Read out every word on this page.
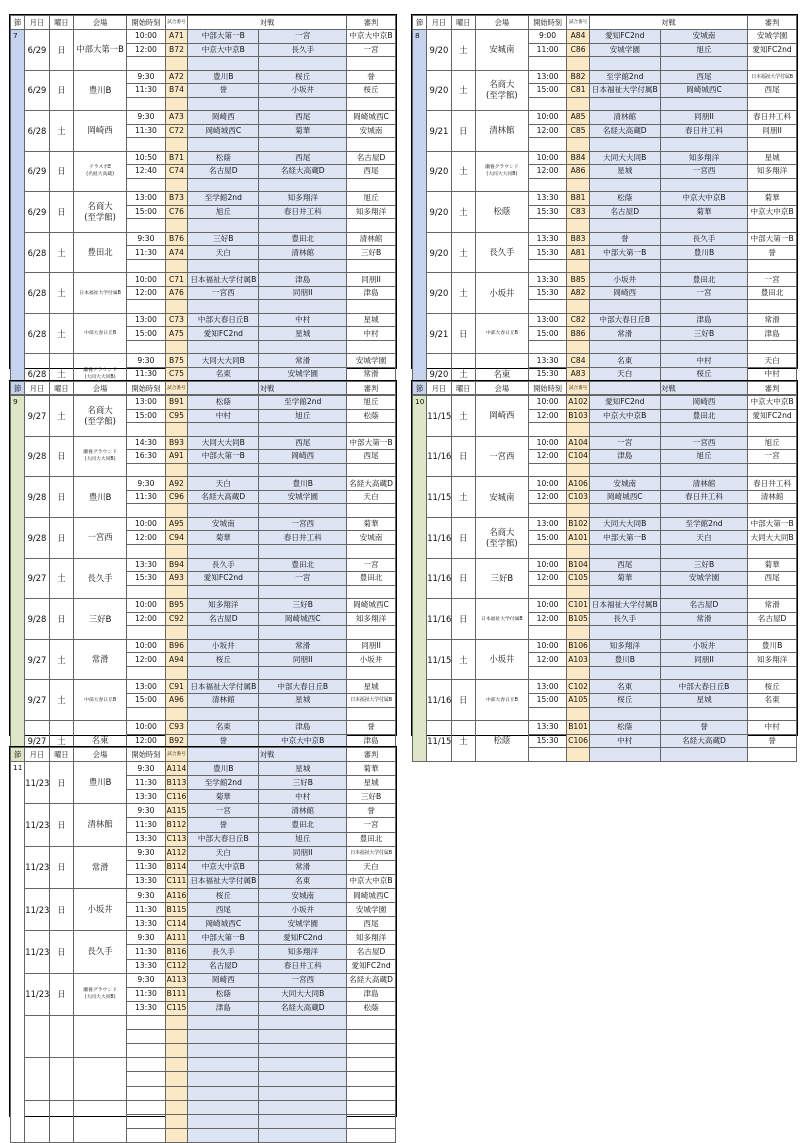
節	月日	曜日	会場	開始時刻	試合番号	対戦		審判
7	6/29	日	中部大第一B	10:00	A71	中部大第一B	一宮	中京大中京B
				12:00	B72	中京大中京B	長久手	一宮

	6/29	日	豊川B	9:30	A72	豊川B	桜丘	誉
				11:30	B74	誉	小坂井	桜丘

	6/28	土	岡崎西	9:30	A73	岡崎西	西尾	岡崎城西C
				11:30	C72	岡崎城西C	菊華	安城南

	6/29	日	テラスポE
(名経大高蔵)	10:50	B71	松蔭	西尾	名古屋D
				12:40	C74	名古屋D	名経大高蔵D	西尾

	6/29	日	名商大
(至学館)	13:00	B73	至学館2nd	知多翔洋	旭丘
				15:00	C76	旭丘	春日井工科	知多翔洋

	6/28	土	豊田北	9:30	B76	三好B	豊田北	清林館
				11:30	A74	天白	清林館	三好B

	6/28	土	日本福祉大学付属B	10:00	C71	日本福祉大学付属B	津島	同朋II
				12:00	A76	一宮西	同朋II	津島

	6/28	土	中部大春日丘B	13:00	C73	中部大春日丘B	中村	星城
				15:00	A75	愛知FC2nd	星城	中村

	6/28	土	瀬養グラウンド
(大同大大同B)	9:30	B75	大同大大同B	常滑	安城学園
				11:30	C75	名東	安城学園	常滑

節	月日	曜日	会場	開始時刻	試合番号	対戦		審判
8	9/20	土	安城南	9:00	A84	愛知FC2nd	安城南	安城学園
				11:00	C86	安城学園	旭丘	愛知FC2nd

	9/20	土	名商大
(至学館)	13:00	B82	至学館2nd	西尾	日本福祉大学付属B
				15:00	C81	日本福祉大学付属B	岡崎城西C	西尾

	9/21	日	清林館	10:00	A85	清林館	同朋II	春日井工科
				12:00	C85	名経大高蔵D	春日井工科	同朋II

	9/20	土	瀬養グラウンド
(大同大大同B)	10:00	B84	大同大大同B	知多翔洋	星城
				12:00	A86	星城	一宮西	知多翔洋

	9/20	土	松蔭	13:30	B81	松蔭	中京大中京B	菊華
				15:30	C83	名古屋D	菊華	中京大中京B

	9/20	土	長久手	13:30	B83	誉	長久手	中部大第一B
				15:30	A81	中部大第一B	豊川B	誉

	9/20	土	小坂井	13:30	B85	小坂井	豊田北	一宮
				15:30	A82	岡崎西	一宮	豊田北

	9/21	日	中部大春日丘B	13:00	C82	中部大春日丘B	津島	常滑
				15:00	B86	常滑	三好B	津島

	9/20	土	名東	13:30	C84	名東	中村	天白
				15:30	A83	天白	桜丘	中村

節	月日	曜日	会場	開始時刻	試合番号	対戦		審判
9	9/27	土	名商大
(至学館)	13:00	B91	松蔭	至学館2nd	旭丘
				15:00	C95	中村	旭丘	松蔭

	9/28	日	瀬養グラウンド
(大同大大同B)	14:30	B93	大同大大同B	西尾	中部大第一B
				16:30	A91	中部大第一B	岡崎西	西尾

	9/28	日	豊川B	9:30	A92	天白	豊川B	名経大高蔵D
				11:30	C96	名経大高蔵D	安城学園	天白

	9/28	日	一宮西	10:00	A95	安城南	一宮西	菊華
				12:00	C94	菊華	春日井工科	安城南

	9/27	土	長久手	13:30	B94	長久手	豊田北	一宮
				15:30	A93	愛知FC2nd	一宮	豊田北

	9/28	日	三好B	10:00	B95	知多翔洋	三好B	岡崎城西C
				12:00	C92	名古屋D	岡崎城西C	知多翔洋

	9/27	土	常滑	10:00	B96	小坂井	常滑	同朋II
				12:00	A94	桜丘	同朋II	小坂井

	9/27	土	中部大春日丘B	13:00	C91	日本福祉大学付属B	中部大春日丘B	星城
				15:00	A96	清林館	星城	日本福祉大学付属B

	9/27	土	名東	10:00	C93	名東	津島	誉
				12:00	B92	誉	中京大中京B	津島

節	月日	曜日	会場	開始時刻	試合番号	対戦		審判
10	11/15	土	岡崎西	10:00	A102	愛知FC2nd	岡崎西	中京大中京B
				12:00	B103	中京大中京B	豊田北	愛知FC2nd

	11/16	日	一宮西	10:00	A104	一宮	一宮西	旭丘
				12:00	C104	津島	旭丘	一宮

	11/15	土	安城南	10:00	A106	安城南	清林館	春日井工科
				12:00	C103	岡崎城西C	春日井工科	清林館

	11/16	日	名商大
(至学館)	13:00	B102	大同大大同B	至学館2nd	中部大第一B
				15:00	A101	中部大第一B	天白	大同大大同B

	11/16	日	三好B	10:00	B104	西尾	三好B	菊華
				12:00	C105	菊華	安城学園	西尾

	11/16	日	日本福祉大学付属B	10:00	C101	日本福祉大学付属B	名古屋D	常滑
				12:00	B105	長久手	常滑	名古屋D

	11/15	土	小坂井	10:00	B106	知多翔洋	小坂井	豊川B
				12:00	A103	豊川B	同朋II	知多翔洋

	11/16	日	中部大春日丘B	13:00	C102	名東	中部大春日丘B	桜丘
				15:00	A105	桜丘	星城	名東

	11/15	土	松蔭	13:30	B101	松蔭	誉	中村
				15:30	C106	中村	名経大高蔵D	誉

節	月日	曜日	会場	開始時刻	試合番号	対戦		審判
11	11/23	日	豊川B	9:30	A114	豊川B	星城	菊華
				11:30	B113	至学館2nd	三好B	星城
				13:30	C116	菊華	中村	三好B
	11/23	日	清林館	9:30	A115	一宮	清林館	誉
				11:30	B112	誉	豊田北	一宮
				13:30	C113	中部大春日丘B	旭丘	豊田北
	11/23	日	常滑	9:30	A112	天白	同朋II	日本福祉大学付属B
				11:30	B114	中京大中京B	常滑	天白
				13:30	C111	日本福祉大学付属B	名東	中京大中京B
	11/23	日	小坂井	9:30	A116	桜丘	安城南	岡崎城西C
				11:30	B115	西尾	小坂井	安城学園
				13:30	C114	岡崎城西C	安城学園	西尾
	11/23	日	長久手	9:30	A111	中部大第一B	愛知FC2nd	知多翔洋
				11:30	B116	長久手	知多翔洋	名古屋D
				13:30	C112	名古屋D	春日井工科	愛知FC2nd
	11/23	日	瀬養グラウンド
(大同大大同B)	9:30	A113	岡崎西	一宮西	名経大高蔵D
				11:30	B111	松蔭	大同大大同B	津島
				13:30	C115	津島	名経大高蔵D	松蔭
